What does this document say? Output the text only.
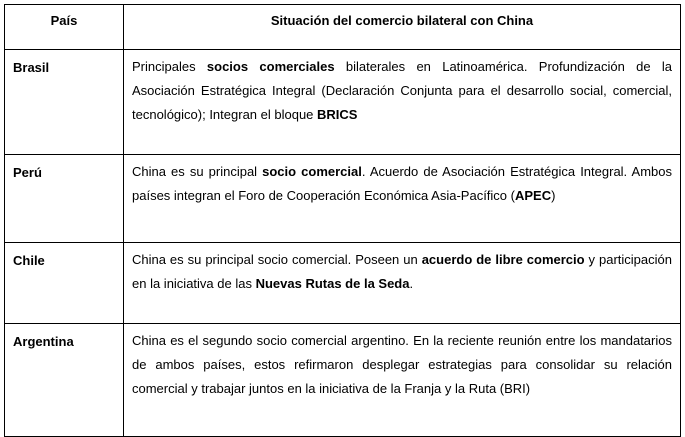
País	Situación del comercio bilateral con China
Brasil	Principales socios comerciales bilaterales en Latinoamérica. Profundización de la Asociación Estratégica Integral (Declaración Conjunta para el desarrollo social, comercial, tecnológico); Integran el bloque BRICS
Perú	China es su principal socio comercial. Acuerdo de Asociación Estratégica Integral. Ambos países integran el Foro de Cooperación Económica Asia-Pacífico (APEC)
Chile	China es su principal socio comercial. Poseen un acuerdo de libre comercio y participación en la iniciativa de las Nuevas Rutas de la Seda.
Argentina	China es el segundo socio comercial argentino. En la reciente reunión entre los mandatarios de ambos países, estos refirmaron desplegar estrategias para consolidar su relación comercial y trabajar juntos en la iniciativa de la Franja y la Ruta (BRI)
